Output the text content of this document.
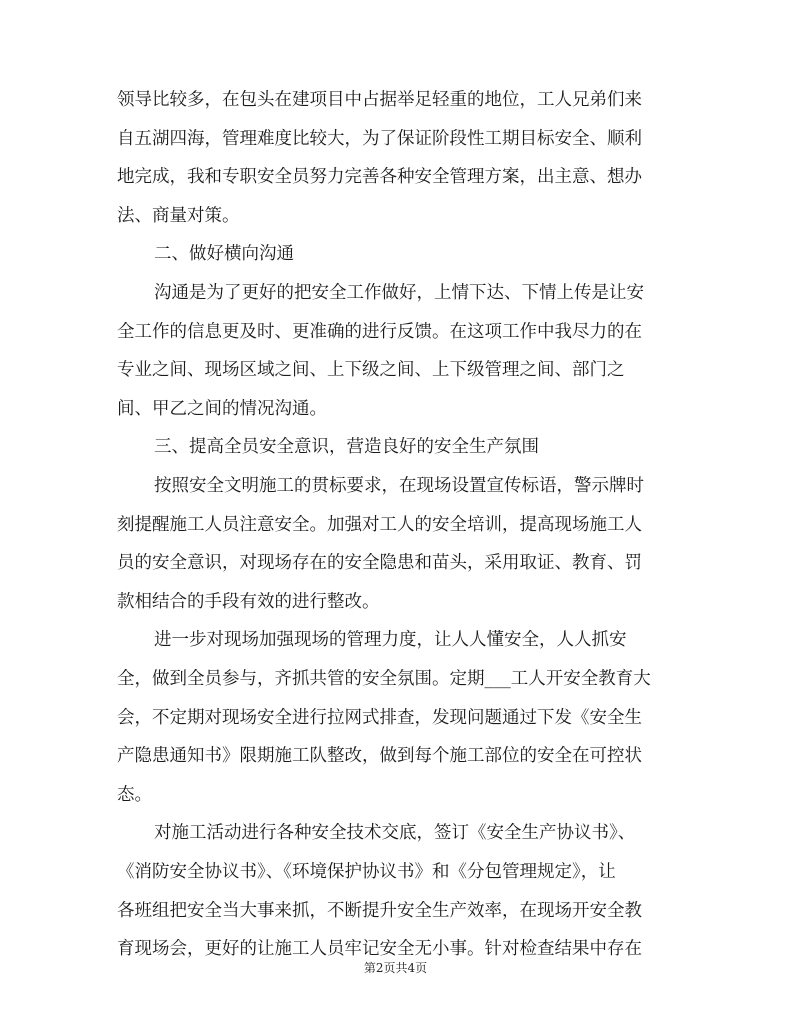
领导比较多，在包头在建项目中占据举足轻重的地位，工人兄弟们来
自五湖四海，管理难度比较大，为了保证阶段性工期目标安全、顺利
地完成，我和专职安全员努力完善各种安全管理方案，出主意、想办
法、商量对策。
二、做好横向沟通
沟通是为了更好的把安全工作做好，上情下达、下情上传是让安
全工作的信息更及时、更准确的进行反馈。在这项工作中我尽力的在
专业之间、现场区域之间、上下级之间、上下级管理之间、部门之
间、甲乙之间的情况沟通。
三、提高全员安全意识，营造良好的安全生产氛围
按照安全文明施工的贯标要求，在现场设置宣传标语，警示牌时
刻提醒施工人员注意安全。加强对工人的安全培训，提高现场施工人
员的安全意识，对现场存在的安全隐患和苗头，采用取证、教育、罚
款相结合的手段有效的进行整改。
进一步对现场加强现场的管理力度，让人人懂安全，人人抓安
全，做到全员参与，齐抓共管的安全氛围。定期___工人开安全教育大
会，不定期对现场安全进行拉网式排查，发现问题通过下发《安全生
产隐患通知书》限期施工队整改，做到每个施工部位的安全在可控状
态。
对施工活动进行各种安全技术交底，签订《安全生产协议书》、
《消防安全协议书》、《环境保护协议书》和《分包管理规定》，让
各班组把安全当大事来抓，不断提升安全生产效率，在现场开安全教
育现场会，更好的让施工人员牢记安全无小事。针对检查结果中存在
第2页共4页
